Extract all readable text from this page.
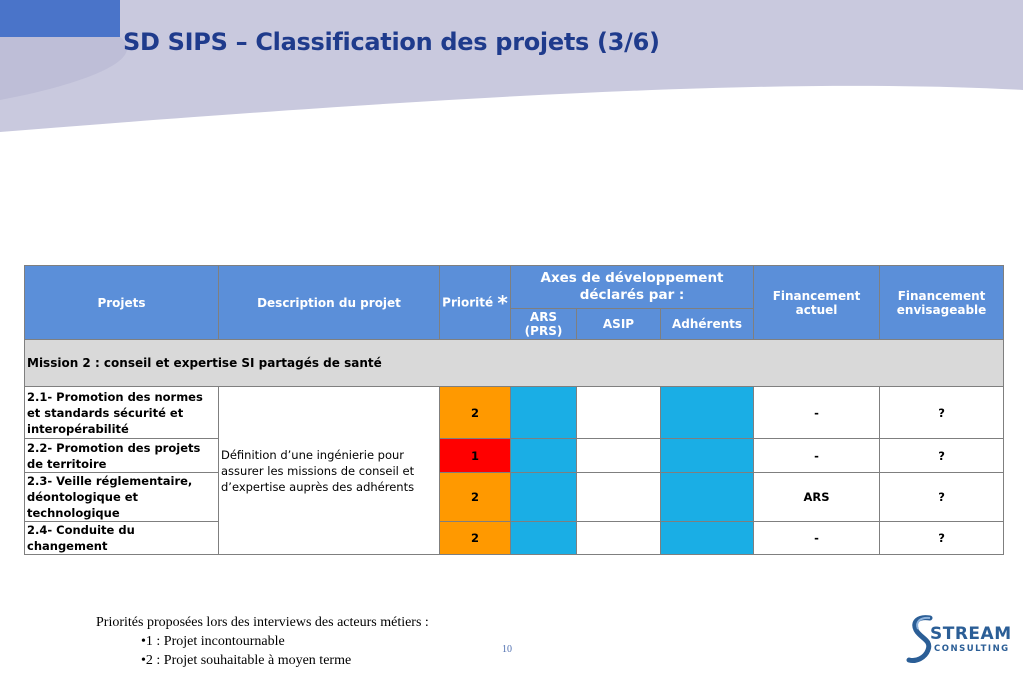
SD SIPS – Classification des projets (3/6)
Projets	Description du projet	Priorité *	Axes de développement déclarés par :			Financement actuel	Financement envisageable
			ARS (PRS)	ASIP	Adhérents		
Mission 2 : conseil et expertise SI partagés de santé							
2.1- Promotion des normes et standards sécurité et interopérabilité	Définition d’une ingénierie pour assurer les missions de conseil et d’expertise auprès des adhérents	2				-	?
2.2- Promotion des projets de territoire		1				-	?
2.3- Veille réglementaire, déontologique et technologique		2				ARS	?
2.4- Conduite du changement		2				-	?
Priorités proposées lors des interviews des acteurs métiers :
•1 : Projet incontournable
•2 : Projet souhaitable à moyen terme
10
STREAM
CONSULTING
